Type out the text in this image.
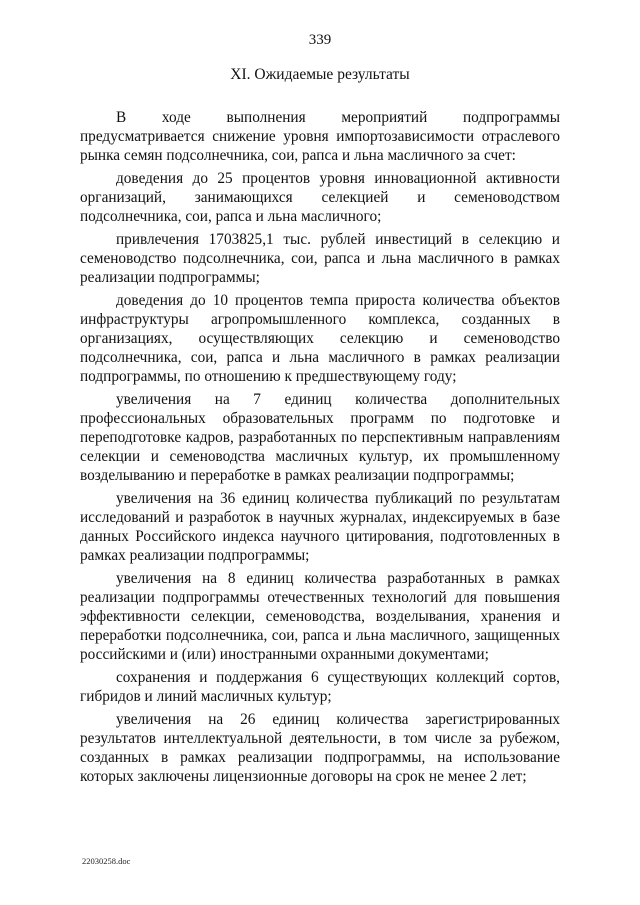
339
XI. Ожидаемые результаты

В ходе выполнения мероприятий подпрограммы предусматривается снижение уровня импортозависимости отраслевого рынка семян подсолнечника, сои, рапса и льна масличного за счет:

доведения до 25 процентов уровня инновационной активности организаций, занимающихся селекцией и семеноводством подсолнечника, сои, рапса и льна масличного;

привлечения 1703825,1 тыс. рублей инвестиций в селекцию и семеноводство подсолнечника, сои, рапса и льна масличного в рамках реализации подпрограммы;

доведения до 10 процентов темпа прироста количества объектов инфраструктуры агропромышленного комплекса, созданных в организациях, осуществляющих селекцию и семеноводство подсолнечника, сои, рапса и льна масличного в рамках реализации подпрограммы, по отношению к предшествующему году;

увеличения на 7 единиц количества дополнительных профессиональных образовательных программ по подготовке и переподготовке кадров, разработанных по перспективным направлениям селекции и семеноводства масличных культур, их промышленному возделыванию и переработке в рамках реализации подпрограммы;

увеличения на 36 единиц количества публикаций по результатам исследований и разработок в научных журналах, индексируемых в базе данных Российского индекса научного цитирования, подготовленных в рамках реализации подпрограммы;

увеличения на 8 единиц количества разработанных в рамках реализации подпрограммы отечественных технологий для повышения эффективности селекции, семеноводства, возделывания, хранения и переработки подсолнечника, сои, рапса и льна масличного, защищенных российскими и (или) иностранными охранными документами;

сохранения и поддержания 6 существующих коллекций сортов, гибридов и линий масличных культур;

увеличения на 26 единиц количества зарегистрированных результатов интеллектуальной деятельности, в том числе за рубежом, созданных в рамках реализации подпрограммы, на использование которых заключены лицензионные договоры на срок не менее 2 лет;

22030258.doc
